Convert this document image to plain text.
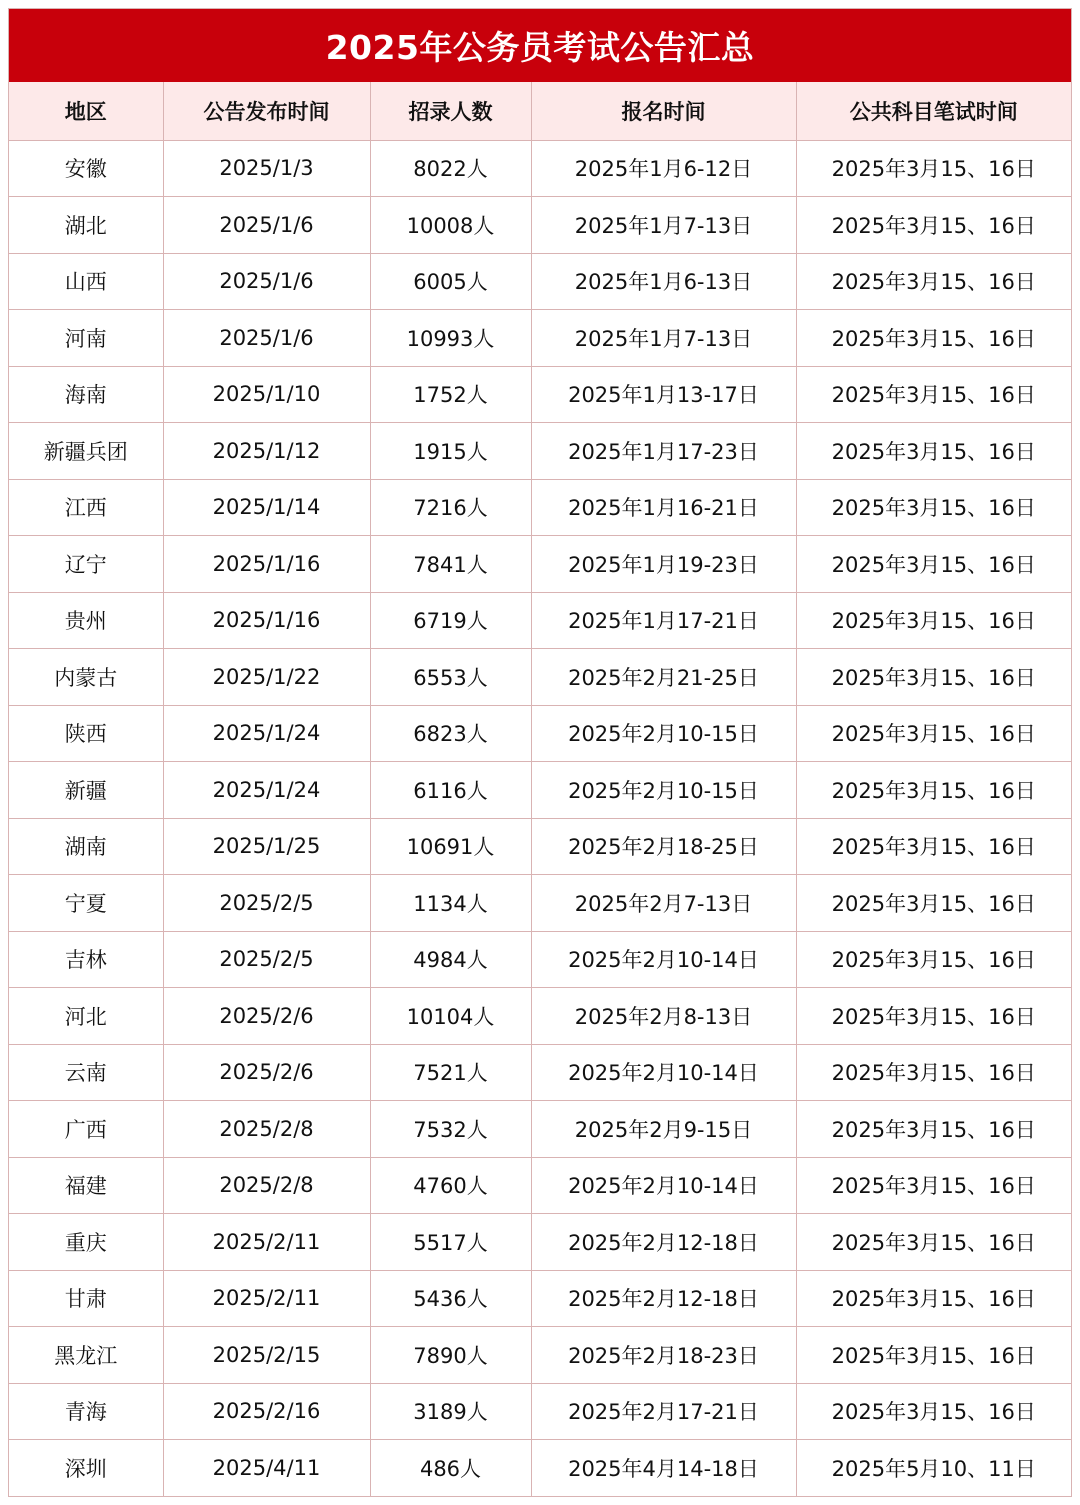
2025年公务员考试公告汇总
地区	公告发布时间	招录人数	报名时间	公共科目笔试时间
安徽	2025/1/3	8022人	2025年1月6-12日	2025年3月15、16日
湖北	2025/1/6	10008人	2025年1月7-13日	2025年3月15、16日
山西	2025/1/6	6005人	2025年1月6-13日	2025年3月15、16日
河南	2025/1/6	10993人	2025年1月7-13日	2025年3月15、16日
海南	2025/1/10	1752人	2025年1月13-17日	2025年3月15、16日
新疆兵团	2025/1/12	1915人	2025年1月17-23日	2025年3月15、16日
江西	2025/1/14	7216人	2025年1月16-21日	2025年3月15、16日
辽宁	2025/1/16	7841人	2025年1月19-23日	2025年3月15、16日
贵州	2025/1/16	6719人	2025年1月17-21日	2025年3月15、16日
内蒙古	2025/1/22	6553人	2025年2月21-25日	2025年3月15、16日
陕西	2025/1/24	6823人	2025年2月10-15日	2025年3月15、16日
新疆	2025/1/24	6116人	2025年2月10-15日	2025年3月15、16日
湖南	2025/1/25	10691人	2025年2月18-25日	2025年3月15、16日
宁夏	2025/2/5	1134人	2025年2月7-13日	2025年3月15、16日
吉林	2025/2/5	4984人	2025年2月10-14日	2025年3月15、16日
河北	2025/2/6	10104人	2025年2月8-13日	2025年3月15、16日
云南	2025/2/6	7521人	2025年2月10-14日	2025年3月15、16日
广西	2025/2/8	7532人	2025年2月9-15日	2025年3月15、16日
福建	2025/2/8	4760人	2025年2月10-14日	2025年3月15、16日
重庆	2025/2/11	5517人	2025年2月12-18日	2025年3月15、16日
甘肃	2025/2/11	5436人	2025年2月12-18日	2025年3月15、16日
黑龙江	2025/2/15	7890人	2025年2月18-23日	2025年3月15、16日
青海	2025/2/16	3189人	2025年2月17-21日	2025年3月15、16日
深圳	2025/4/11	486人	2025年4月14-18日	2025年5月10、11日
